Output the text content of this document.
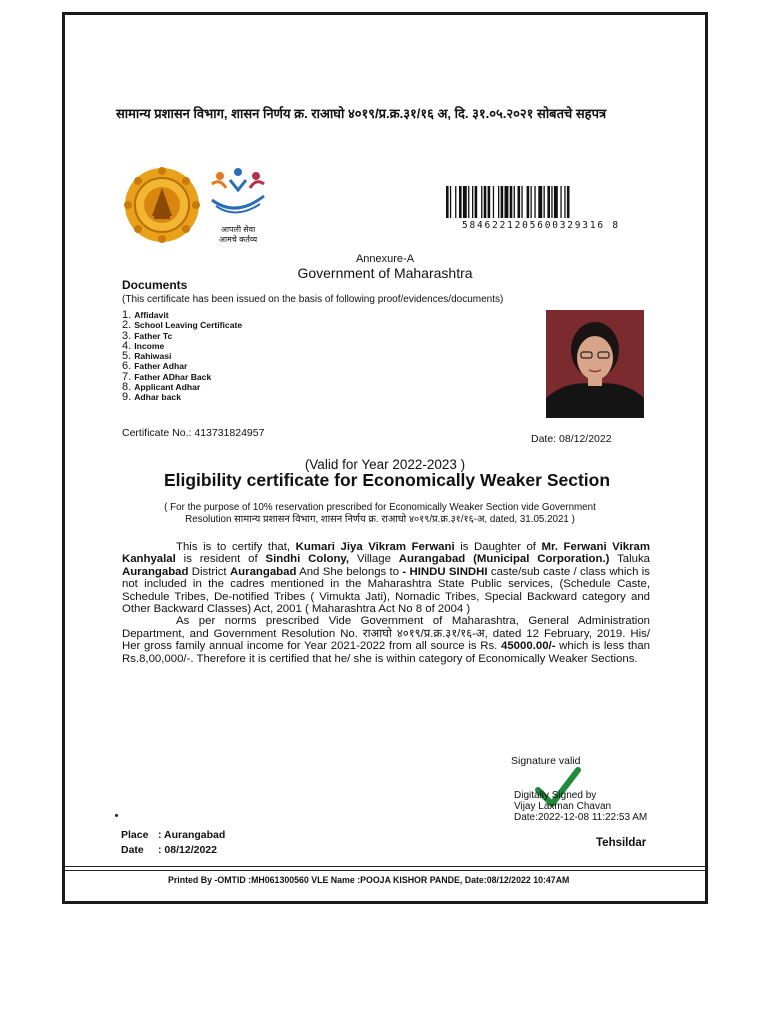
सामान्य प्रशासन विभाग, शासन निर्णय क्र. राआघो ४०१९/प्र.क्र.३१/१६ अ, दि. ३१.०५.२०२१ सोबतचे सहपत्र
आपली सेवा
आमचे कर्तव्य
5846221205600329316 8
Annexure-A
Government of Maharashtra
Documents
(This certificate has been issued on the basis of following proof/evidences/documents)
1. Affidavit
2. School Leaving Certificate
3. Father Tc
4. Income
5. Rahiwasi
6. Father Adhar
7. Father ADhar Back
8. Applicant Adhar
9. Adhar back
Certificate No.: 413731824957	Date: 08/12/2022
(Valid for Year 2022-2023 )
Eligibility certificate for Economically Weaker Section
( For the purpose of 10% reservation prescribed for Economically Weaker Section vide Government
Resolution सामान्य प्रशासन विभाग, शासन निर्णय क्र. राआघो ४०१९/प्र.क्र.३१/१६-अ, dated, 31.05.2021 )

This is to certify that, Kumari Jiya Vikram Ferwani is Daughter of Mr. Ferwani Vikram Kanhyalal is resident of Sindhi Colony, Village Aurangabad (Municipal Corporation.) Taluka Aurangabad District Aurangabad And She belongs to - HINDU SINDHI caste/sub caste / class which is not included in the cadres mentioned in the Maharashtra State Public services, (Schedule Caste, Schedule Tribes, De-notified Tribes ( Vimukta Jati), Nomadic Tribes, Special Backward category and Other Backward Classes) Act, 2001 ( Maharashtra Act No 8 of 2004 )

As per norms prescribed Vide Government of Maharashtra, General Administration Department, and Government Resolution No. राआघो ४०१९/प्र.क्र.३१/१६-अ, dated 12 February, 2019. His/ Her gross family annual income for Year 2021-2022 from all source is Rs. 45000.00/- which is less than Rs.8,00,000/-. Therefore it is certified that he/ she is within category of Economically Weaker Sections.

Signature valid
Digitally Signed by
Vijay Laxman Chavan
Date:2022-12-08 11:22:53 AM
Place : Aurangabad
Date : 08/12/2022
Tehsildar
Printed By -OMTID :MH061300560 VLE Name :POOJA KISHOR PANDE, Date:08/12/2022 10:47AM
